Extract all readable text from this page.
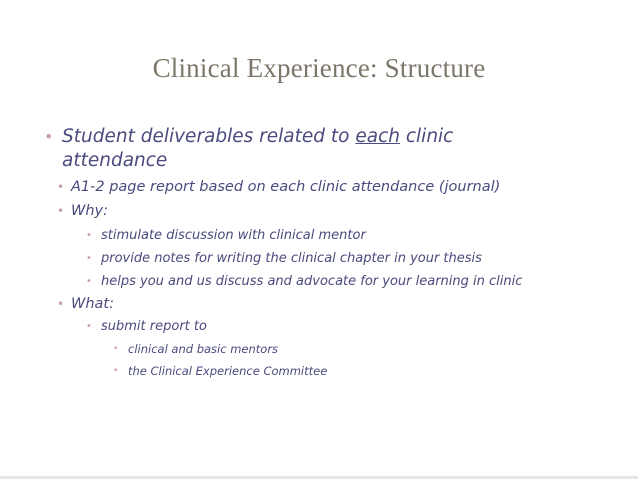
Clinical Experience: Structure
• Student deliverables related to each clinic attendance
• A1-2 page report based on each clinic attendance (journal)
• Why:
• stimulate discussion with clinical mentor
• provide notes for writing the clinical chapter in your thesis
• helps you and us discuss and advocate for your learning in clinic
• What:
• submit report to
• clinical and basic mentors
• the Clinical Experience Committee
